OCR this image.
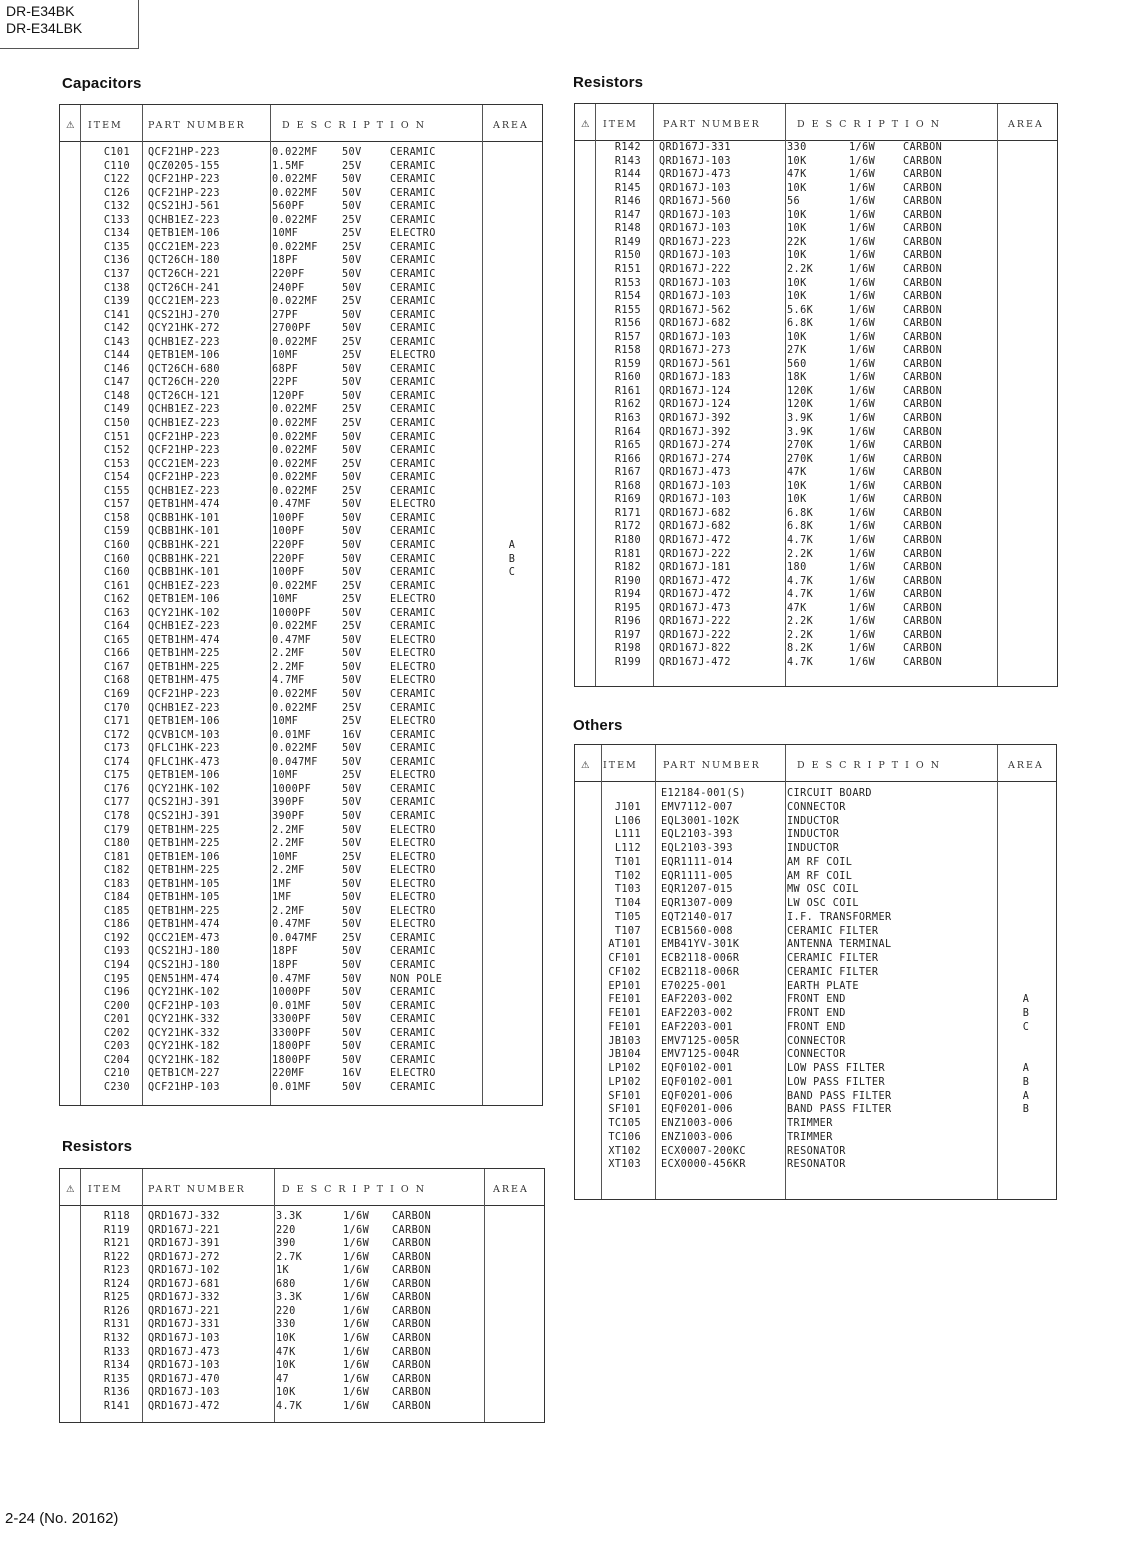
DR-E34BK
DR-E34LBK
Capacitors
⚠ ITEM	PART NUMBER	D E S C R I P T I O N	AREA
C101 QCF21HP-223	0.022MF 50V	CERAMIC
C110 QCZ0205-155	1.5MF	25V	CERAMIC
C122 QCF21HP-223	0.022MF 50V	CERAMIC
C126 QCF21HP-223	0.022MF 50V	CERAMIC
C132 QCS21HJ-561	560PF	50V	CERAMIC
C133 QCHB1EZ-223	0.022MF 25V	CERAMIC
C134 QETB1EM-106	10MF	25V	ELECTRO
C135 QCC21EM-223	0.022MF 25V	CERAMIC
C136 QCT26CH-180	18PF	50V	CERAMIC
C137 QCT26CH-221	220PF	50V	CERAMIC
C138 QCT26CH-241	240PF	50V	CERAMIC
C139 QCC21EM-223	0.022MF 25V	CERAMIC
C141 QCS21HJ-270	27PF	50V	CERAMIC
C142 QCY21HK-272	2700PF	50V	CERAMIC
C143 QCHB1EZ-223	0.022MF 25V	CERAMIC
C144 QETB1EM-106	10MF	25V	ELECTRO
C146 QCT26CH-680	68PF	50V	CERAMIC
C147 QCT26CH-220	22PF	50V	CERAMIC
C148 QCT26CH-121	120PF	50V	CERAMIC
C149 QCHB1EZ-223	0.022MF 25V	CERAMIC
C150 QCHB1EZ-223	0.022MF 25V	CERAMIC
C151 QCF21HP-223	0.022MF 50V	CERAMIC
C152 QCF21HP-223	0.022MF 50V	CERAMIC
C153 QCC21EM-223	0.022MF 25V	CERAMIC
C154 QCF21HP-223	0.022MF 50V	CERAMIC
C155 QCHB1EZ-223	0.022MF 25V	CERAMIC
C157 QETB1HM-474	0.47MF	50V	ELECTRO
C158 QCBB1HK-101	100PF	50V	CERAMIC
C159 QCBB1HK-101	100PF	50V	CERAMIC
C160 QCBB1HK-221	220PF	50V	CERAMIC	A
C160 QCBB1HK-221	220PF	50V	CERAMIC	B
C160 QCBB1HK-101	100PF	50V	CERAMIC	C
C161 QCHB1EZ-223	0.022MF 25V	CERAMIC
C162 QETB1EM-106	10MF	25V	ELECTRO
C163 QCY21HK-102	1000PF	50V	CERAMIC
C164 QCHB1EZ-223	0.022MF 25V	CERAMIC
C165 QETB1HM-474	0.47MF	50V	ELECTRO
C166 QETB1HM-225	2.2MF	50V	ELECTRO
C167 QETB1HM-225	2.2MF	50V	ELECTRO
C168 QETB1HM-475	4.7MF	50V	ELECTRO
C169 QCF21HP-223	0.022MF 50V	CERAMIC
C170 QCHB1EZ-223	0.022MF 25V	CERAMIC
C171 QETB1EM-106	10MF	25V	ELECTRO
C172 QCVB1CM-103	0.01MF	16V	CERAMIC
C173 QFLC1HK-223	0.022MF 50V	CERAMIC
C174 QFLC1HK-473	0.047MF 50V	CERAMIC
C175 QETB1EM-106	10MF	25V	ELECTRO
C176 QCY21HK-102	1000PF	50V	CERAMIC
C177 QCS21HJ-391	390PF	50V	CERAMIC
C178 QCS21HJ-391	390PF	50V	CERAMIC
C179 QETB1HM-225	2.2MF	50V	ELECTRO
C180 QETB1HM-225	2.2MF	50V	ELECTRO
C181 QETB1EM-106	10MF	25V	ELECTRO
C182 QETB1HM-225	2.2MF	50V	ELECTRO
C183 QETB1HM-105	1MF	50V	ELECTRO
C184 QETB1HM-105	1MF	50V	ELECTRO
C185 QETB1HM-225	2.2MF	50V	ELECTRO
C186 QETB1HM-474	0.47MF	50V	ELECTRO
C192 QCC21EM-473	0.047MF 25V	CERAMIC
C193 QCS21HJ-180	18PF	50V	CERAMIC
C194 QCS21HJ-180	18PF	50V	CERAMIC
C195 QEN51HM-474	0.47MF	50V	NON POLE
C196 QCY21HK-102	1000PF	50V	CERAMIC
C200 QCF21HP-103	0.01MF	50V	CERAMIC
C201 QCY21HK-332	3300PF	50V	CERAMIC
C202 QCY21HK-332	3300PF	50V	CERAMIC
C203 QCY21HK-182	1800PF	50V	CERAMIC
C204 QCY21HK-182	1800PF	50V	CERAMIC
C210 QETB1CM-227	220MF	16V	ELECTRO
C230 QCF21HP-103	0.01MF	50V	CERAMIC
Resistors
⚠ ITEM	PART NUMBER	D E S C R I P T I O N	AREA
R118 QRD167J-332	3.3K	1/6W CARBON
R119 QRD167J-221	220	1/6W CARBON
R121 QRD167J-391	390	1/6W CARBON
R122 QRD167J-272	2.7K	1/6W CARBON
R123 QRD167J-102	1K	1/6W CARBON
R124 QRD167J-681	680	1/6W CARBON
R125 QRD167J-332	3.3K	1/6W CARBON
R126 QRD167J-221	220	1/6W CARBON
R131 QRD167J-331	330	1/6W CARBON
R132 QRD167J-103	10K	1/6W CARBON
R133 QRD167J-473	47K	1/6W CARBON
R134 QRD167J-103	10K	1/6W CARBON
R135 QRD167J-470	47	1/6W CARBON
R136 QRD167J-103	10K	1/6W CARBON
R141 QRD167J-472	4.7K	1/6W CARBON
Resistors
⚠ ITEM	PART NUMBER	D E S C R I P T I O N	AREA
R142 QRD167J-331	330	1/6W	CARBON
R143 QRD167J-103	10K	1/6W	CARBON
R144 QRD167J-473	47K	1/6W	CARBON
R145 QRD167J-103	10K	1/6W	CARBON
R146 QRD167J-560	56	1/6W	CARBON
R147 QRD167J-103	10K	1/6W	CARBON
R148 QRD167J-103	10K	1/6W	CARBON
R149 QRD167J-223	22K	1/6W	CARBON
R150 QRD167J-103	10K	1/6W	CARBON
R151 QRD167J-222	2.2K	1/6W	CARBON
R153 QRD167J-103	10K	1/6W	CARBON
R154 QRD167J-103	10K	1/6W	CARBON
R155 QRD167J-562	5.6K	1/6W	CARBON
R156 QRD167J-682	6.8K	1/6W	CARBON
R157 QRD167J-103	10K	1/6W	CARBON
R158 QRD167J-273	27K	1/6W	CARBON
R159 QRD167J-561	560	1/6W	CARBON
R160 QRD167J-183	18K	1/6W	CARBON
R161 QRD167J-124	120K	1/6W	CARBON
R162 QRD167J-124	120K	1/6W	CARBON
R163 QRD167J-392	3.9K	1/6W	CARBON
R164 QRD167J-392	3.9K	1/6W	CARBON
R165 QRD167J-274	270K	1/6W	CARBON
R166 QRD167J-274	270K	1/6W	CARBON
R167 QRD167J-473	47K	1/6W	CARBON
R168 QRD167J-103	10K	1/6W	CARBON
R169 QRD167J-103	10K	1/6W	CARBON
R171 QRD167J-682	6.8K	1/6W	CARBON
R172 QRD167J-682	6.8K	1/6W	CARBON
R180 QRD167J-472	4.7K	1/6W	CARBON
R181 QRD167J-222	2.2K	1/6W	CARBON
R182 QRD167J-181	180	1/6W	CARBON
R190 QRD167J-472	4.7K	1/6W	CARBON
R194 QRD167J-472	4.7K	1/6W	CARBON
R195 QRD167J-473	47K	1/6W	CARBON
R196 QRD167J-222	2.2K	1/6W	CARBON
R197 QRD167J-222	2.2K	1/6W	CARBON
R198 QRD167J-822	8.2K	1/6W	CARBON
R199 QRD167J-472	4.7K	1/6W	CARBON
Others
⚠ ITEM	PART NUMBER	D E S C R I P T I O N	AREA
E12184-001(S)	CIRCUIT BOARD
J101 EMV7112-007	CONNECTOR
L106 EQL3001-102K	INDUCTOR
L111 EQL2103-393	INDUCTOR
L112 EQL2103-393	INDUCTOR
T101 EQR1111-014	AM RF COIL
T102 EQR1111-005	AM RF COIL
T103 EQR1207-015	MW OSC COIL
T104 EQR1307-009	LW OSC COIL
T105 EQT2140-017	I.F. TRANSFORMER
T107 ECB1560-008	CERAMIC FILTER
AT101 EMB41YV-301K	ANTENNA TERMINAL
CF101 ECB2118-006R	CERAMIC FILTER
CF102 ECB2118-006R	CERAMIC FILTER
EP101 E70225-001	EARTH PLATE
FE101 EAF2203-002	FRONT END	A
FE101 EAF2203-002	FRONT END	B
FE101 EAF2203-001	FRONT END	C
JB103 EMV7125-005R	CONNECTOR
JB104 EMV7125-004R	CONNECTOR
LP102 EQF0102-001	LOW PASS FILTER	A
LP102 EQF0102-001	LOW PASS FILTER	B
SF101 EQF0201-006	BAND PASS FILTER	A
SF101 EQF0201-006	BAND PASS FILTER	B
TC105 ENZ1003-006	TRIMMER
TC106 ENZ1003-006	TRIMMER
XT102 ECX0007-200KC	RESONATOR
XT103 ECX0000-456KR	RESONATOR
2-24 (No. 20162)
